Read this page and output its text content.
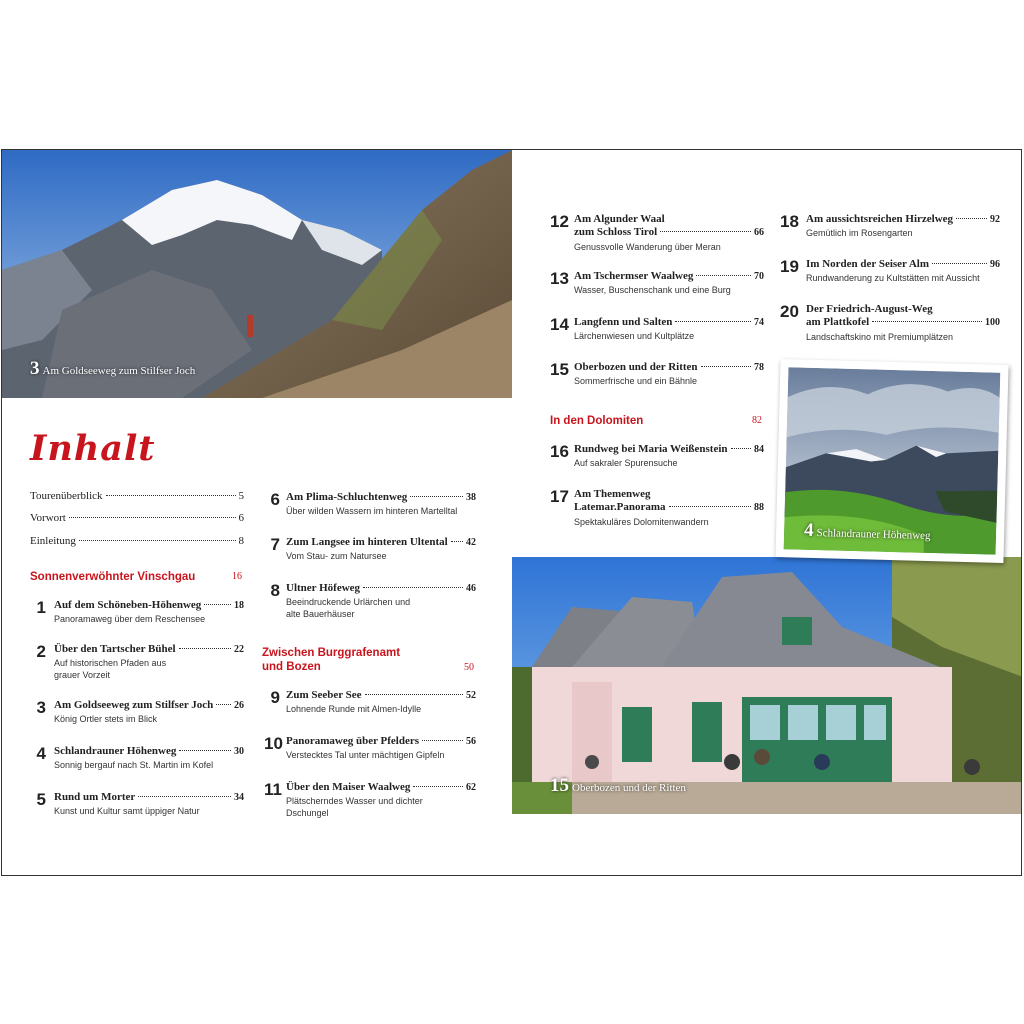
3 Am Goldseeweg zum Stilfser Joch
15 Oberbozen und der Ritten
Inhalt
Tourenüberblick	5
Vorwort	6
Einleitung	8
Sonnenverwöhnter Vinschgau	16
1 Auf dem Schöneben-Höhenweg	18
Panoramaweg über dem Reschensee
2 Über den Tartscher Bühel	22
Auf historischen Pfaden aus
grauer Vorzeit
3 Am Goldseeweg zum Stilfser Joch 26
König Ortler stets im Blick
4 Schlandrauner Höhenweg	30
Sonnig bergauf nach St. Martin im Kofel
5 Rund um Morter	34
Kunst und Kultur samt üppiger Natur
6 Am Plima-Schluchtenweg	38
Über wilden Wassern im hinteren Martelltal
7 Zum Langsee im hinteren Ultental 42
Vom Stau- zum Natursee
8 Ultner Höfeweg	46
Beeindruckende Urlärchen und
alte Bauerhäuser
Zwischen Burggrafenamt
und Bozen	50
9 Zum Seeber See	52
Lohnende Runde mit Almen-Idylle
10 Panoramaweg über Pfelders	56
Verstecktes Tal unter mächtigen Gipfeln
11 Über den Maiser Waalweg	62
Plätscherndes Wasser und dichter
Dschungel
12 Am Algunder Waal
zum Schloss Tirol	66
Genussvolle Wanderung über Meran
13 Am Tschermser Waalweg	70
Wasser, Buschenschank und eine Burg
14 Langfenn und Salten	74
Lärchenwiesen und Kultplätze
15 Oberbozen und der Ritten	78
Sommerfrische und ein Bähnle
In den Dolomiten	82
16 Rundweg bei Maria Weißenstein	84
Auf sakraler Spurensuche
17 Am Themenweg
Latemar.Panorama	88
Spektakuläres Dolomitenwandern
18 Am aussichtsreichen Hirzelweg	92
Gemütlich im Rosengarten
19 Im Norden der Seiser Alm	96
Rundwanderung zu Kultstätten mit Aussicht
20 Der Friedrich-August-Weg
am Plattkofel	100
Landschaftskino mit Premiumplätzen
4 Schlandrauner Höhenweg
